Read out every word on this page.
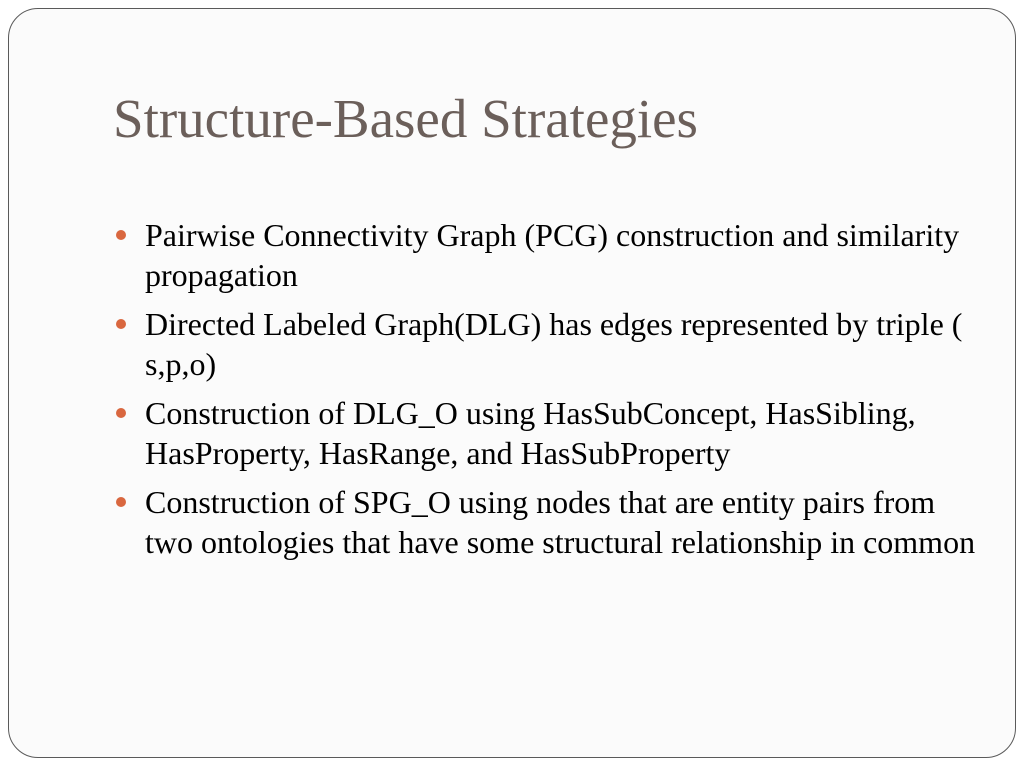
Structure-Based Strategies
Pairwise Connectivity Graph (PCG) construction and similarity propagation
Directed Labeled Graph(DLG) has edges represented by triple ( s,p,o)
Construction of DLG_O using HasSubConcept, HasSibling, HasProperty, HasRange, and HasSubProperty
Construction of SPG_O using nodes that are entity pairs from two ontologies that have some structural relationship in common
